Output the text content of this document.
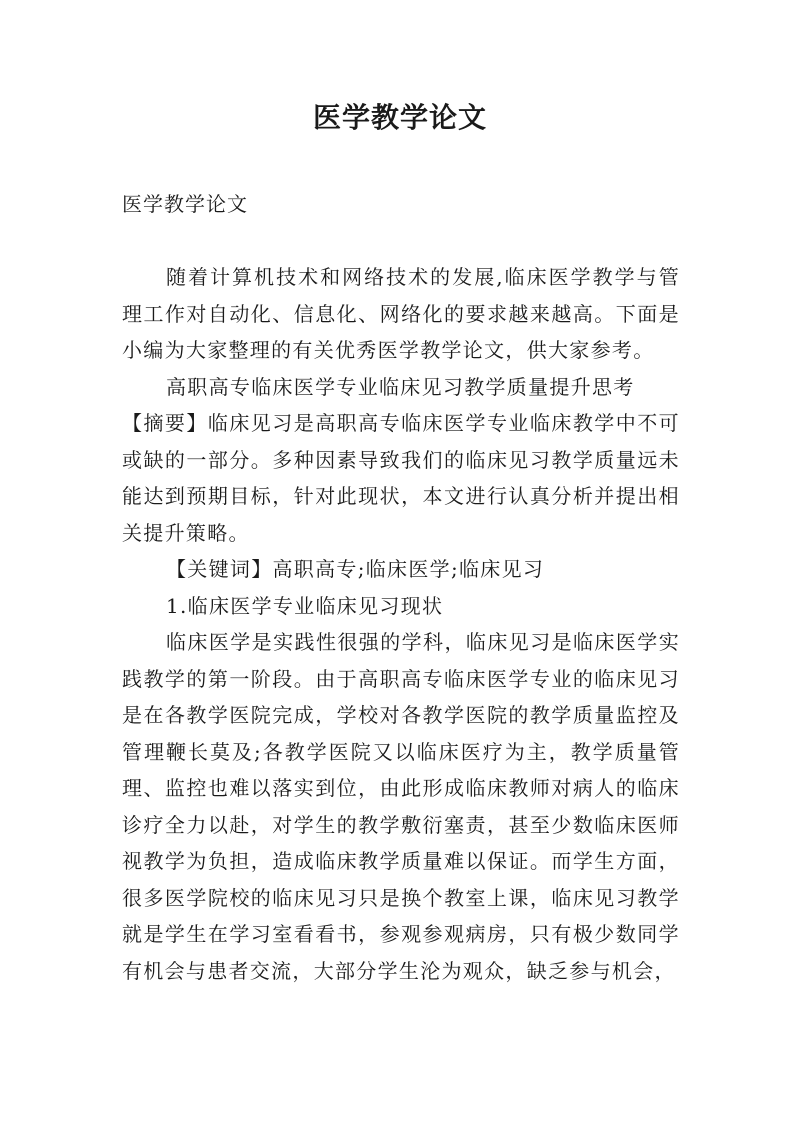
医学教学论文
医学教学论文

随着计算机技术和网络技术的发展,临床医学教学与管理工作对自动化、信息化、网络化的要求越来越高。下面是小编为大家整理的有关优秀医学教学论文，供大家参考。

高职高专临床医学专业临床见习教学质量提升思考

【摘要】临床见习是高职高专临床医学专业临床教学中不可或缺的一部分。多种因素导致我们的临床见习教学质量远未能达到预期目标，针对此现状，本文进行认真分析并提出相关提升策略。

【关键词】高职高专;临床医学;临床见习

1.临床医学专业临床见习现状

临床医学是实践性很强的学科，临床见习是临床医学实践教学的第一阶段。由于高职高专临床医学专业的临床见习是在各教学医院完成，学校对各教学医院的教学质量监控及管理鞭长莫及;各教学医院又以临床医疗为主，教学质量管理、监控也难以落实到位，由此形成临床教师对病人的临床诊疗全力以赴，对学生的教学敷衍塞责，甚至少数临床医师视教学为负担，造成临床教学质量难以保证。而学生方面，很多医学院校的临床见习只是换个教室上课，临床见习教学就是学生在学习室看看书，参观参观病房，只有极少数同学有机会与患者交流，大部分学生沦为观众，缺乏参与机会，
